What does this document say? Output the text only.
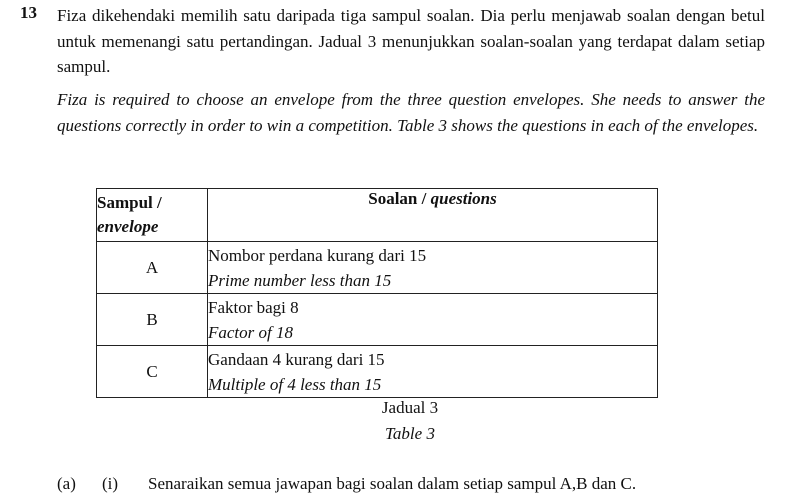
13 Fiza dikehendaki memilih satu daripada tiga sampul soalan. Dia perlu menjawab soalan dengan betul untuk memenangi satu pertandingan. Jadual 3 menunjukkan soalan-soalan yang terdapat dalam setiap sampul.

Fiza is required to choose an envelope from the three question envelopes. She needs to answer the questions correctly in order to win a competition. Table 3 shows the questions in each of the envelopes.

Sampul /
envelope	Soalan / questions
A	Nombor perdana kurang dari 15
Prime number less than 15

B	Faktor bagi 8
Factor of 18

C	Gandaan 4 kurang dari 15
Multiple of 4 less than 15
Jadual 3
Table 3
(a) (i) Senaraikan semua jawapan bagi soalan dalam setiap sampul A,B dan C.
